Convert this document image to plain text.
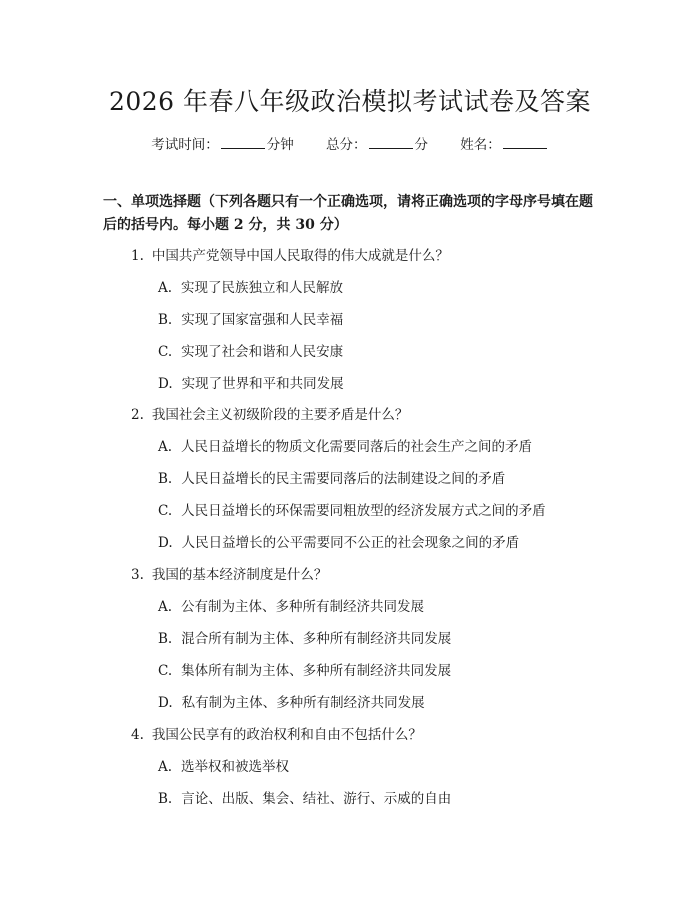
2026 年春八年级政治模拟考试试卷及答案
考试时间：	分钟 总分：	分 姓名：
一、单项选择题（下列各题只有一个正确选项，请将正确选项的字母序号填在题后的括号内。每小题 2 分，共 30 分）
1. 中国共产党领导中国人民取得的伟大成就是什么？
A. 实现了民族独立和人民解放
B. 实现了国家富强和人民幸福
C. 实现了社会和谐和人民安康
D. 实现了世界和平和共同发展
2. 我国社会主义初级阶段的主要矛盾是什么？
A. 人民日益增长的物质文化需要同落后的社会生产之间的矛盾
B. 人民日益增长的民主需要同落后的法制建设之间的矛盾
C. 人民日益增长的环保需要同粗放型的经济发展方式之间的矛盾
D. 人民日益增长的公平需要同不公正的社会现象之间的矛盾
3. 我国的基本经济制度是什么？
A. 公有制为主体、多种所有制经济共同发展
B. 混合所有制为主体、多种所有制经济共同发展
C. 集体所有制为主体、多种所有制经济共同发展
D. 私有制为主体、多种所有制经济共同发展
4. 我国公民享有的政治权利和自由不包括什么？
A. 选举权和被选举权
B. 言论、出版、集会、结社、游行、示威的自由
